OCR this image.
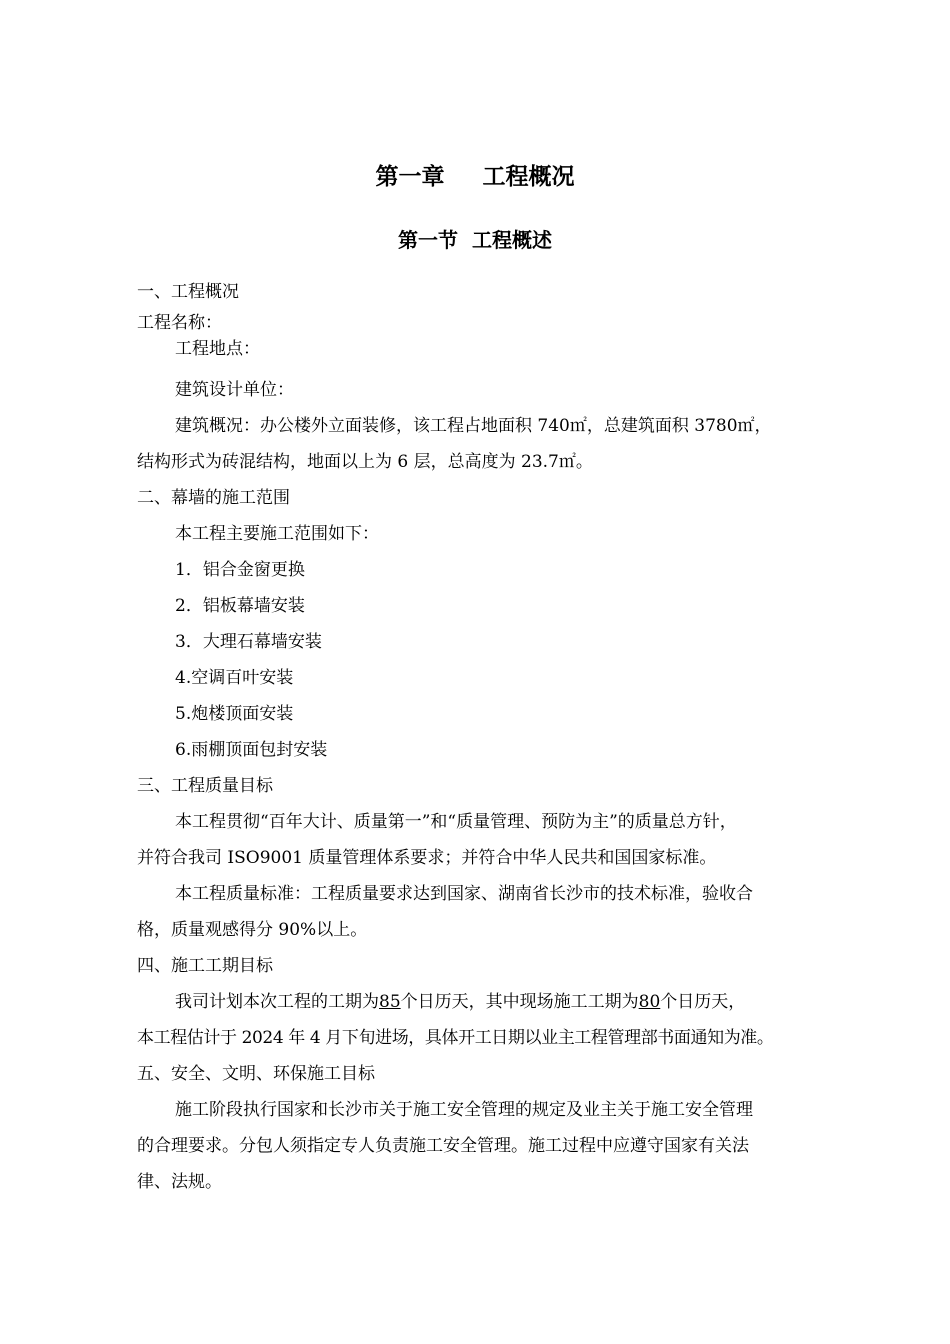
第一章 工程概况
第一节  工程概述

一、工程概况

工程名称：

工程地点：

建筑设计单位：

建筑概况：办公楼外立面装修，该工程占地面积 740㎡，总建筑面积 3780㎡，

结构形式为砖混结构，地面以上为 6 层，总高度为 23.7㎡。

二、幕墙的施工范围

本工程主要施工范围如下：

1．铝合金窗更换

2．铝板幕墙安装

3．大理石幕墙安装

4.空调百叶安装

5.炮楼顶面安装

6.雨棚顶面包封安装

三、工程质量目标

本工程贯彻“百年大计、质量第一”和“质量管理、预防为主”的质量总方针，

并符合我司 ISO9001 质量管理体系要求；并符合中华人民共和国国家标准。

本工程质量标准：工程质量要求达到国家、湖南省长沙市的技术标准，验收合

格，质量观感得分 90%以上。

四、施工工期目标

我司计划本次工程的工期为85个日历天，其中现场施工工期为80个日历天，

本工程估计于 2024 年 4 月下旬进场，具体开工日期以业主工程管理部书面通知为准。

五、安全、文明、环保施工目标

施工阶段执行国家和长沙市关于施工安全管理的规定及业主关于施工安全管理

的合理要求。分包人须指定专人负责施工安全管理。施工过程中应遵守国家有关法

律、法规。
